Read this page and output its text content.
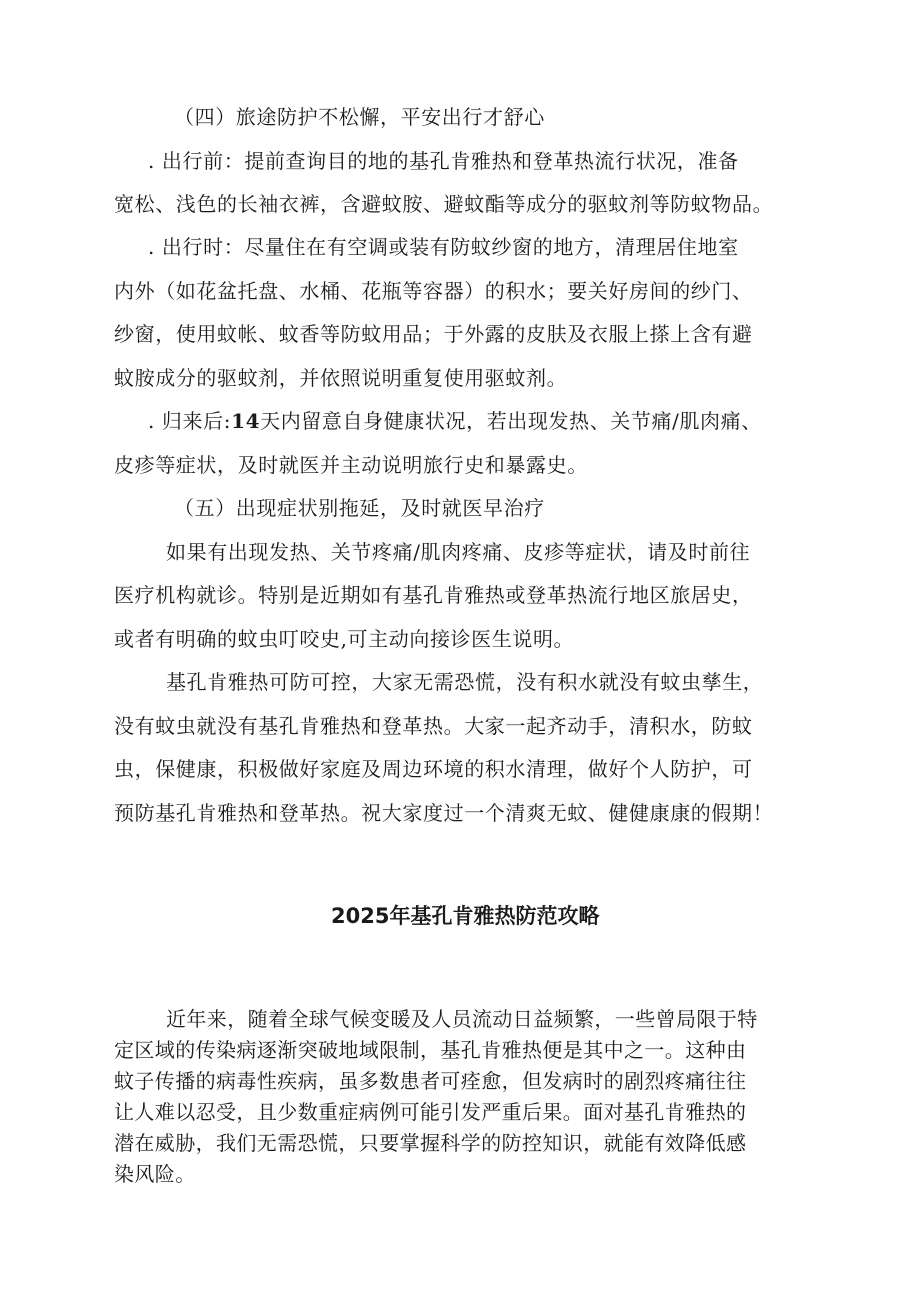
（四）旅途防护不松懈，平安出行才舒心
. 出行前：提前查询目的地的基孔肯雅热和登革热流行状况，准备
宽松、浅色的长袖衣裤，含避蚊胺、避蚊酯等成分的驱蚊剂等防蚊物品。
. 出行时：尽量住在有空调或装有防蚊纱窗的地方，清理居住地室
内外（如花盆托盘、水桶、花瓶等容器）的积水；要关好房间的纱门、
纱窗，使用蚊帐、蚊香等防蚊用品；于外露的皮肤及衣服上搽上含有避
蚊胺成分的驱蚊剂，并依照说明重复使用驱蚊剂。
. 归来后:14天内留意自身健康状况，若出现发热、关节痛/肌肉痛、
皮疹等症状，及时就医并主动说明旅行史和暴露史。
（五）出现症状别拖延，及时就医早治疗
如果有出现发热、关节疼痛/肌肉疼痛、皮疹等症状，请及时前往
医疗机构就诊。特别是近期如有基孔肯雅热或登革热流行地区旅居史，
或者有明确的蚊虫叮咬史,可主动向接诊医生说明。
基孔肯雅热可防可控，大家无需恐慌，没有积水就没有蚊虫孳生，
没有蚊虫就没有基孔肯雅热和登革热。大家一起齐动手，清积水，防蚊
虫，保健康，积极做好家庭及周边环境的积水清理，做好个人防护，可
预防基孔肯雅热和登革热。祝大家度过一个清爽无蚊、健健康康的假期！
2025年基孔肯雅热防范攻略
近年来，随着全球气候变暖及人员流动日益频繁，一些曾局限于特
定区域的传染病逐渐突破地域限制，基孔肯雅热便是其中之一。这种由
蚊子传播的病毒性疾病，虽多数患者可痊愈，但发病时的剧烈疼痛往往
让人难以忍受，且少数重症病例可能引发严重后果。面对基孔肯雅热的
潜在威胁，我们无需恐慌，只要掌握科学的防控知识，就能有效降低感
染风险。
